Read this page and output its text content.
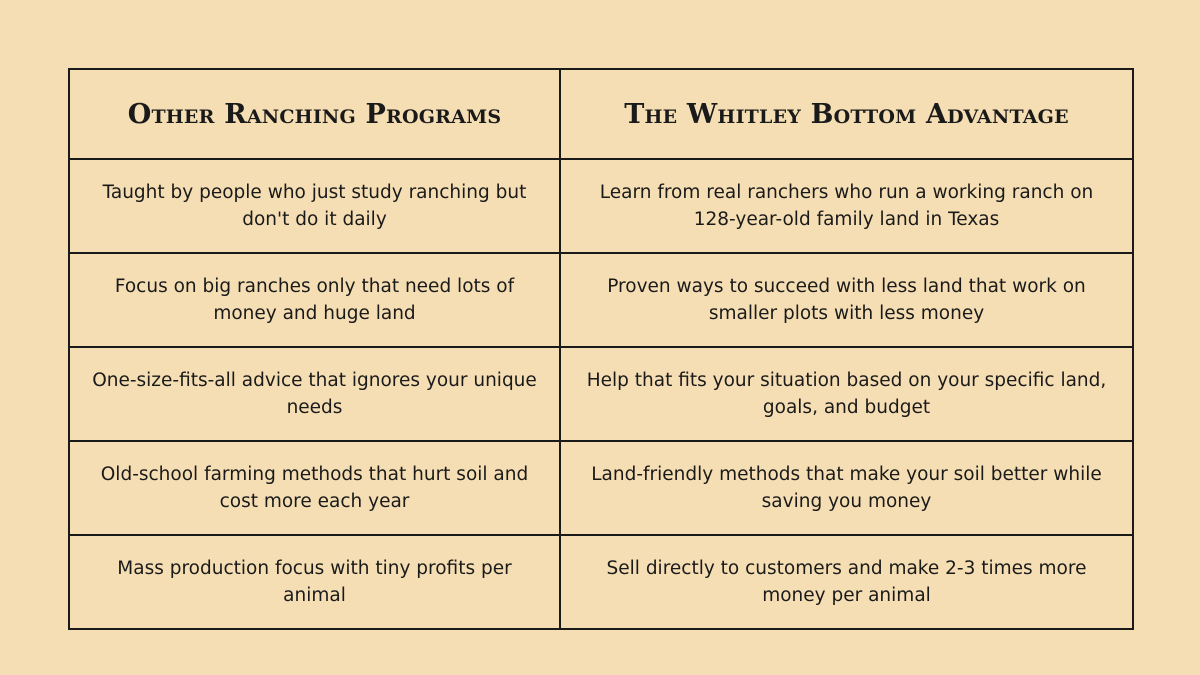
Other Ranching Programs	The Whitley Bottom Advantage
Taught by people who just study ranching but don't do it daily	Learn from real ranchers who run a working ranch on 128-year-old family land in Texas
Focus on big ranches only that need lots of money and huge land	Proven ways to succeed with less land that work on smaller plots with less money
One-size-fits-all advice that ignores your unique needs	Help that fits your situation based on your specific land, goals, and budget
Old-school farming methods that hurt soil and cost more each year	Land-friendly methods that make your soil better while saving you money
Mass production focus with tiny profits per animal	Sell directly to customers and make 2-3 times more money per animal
